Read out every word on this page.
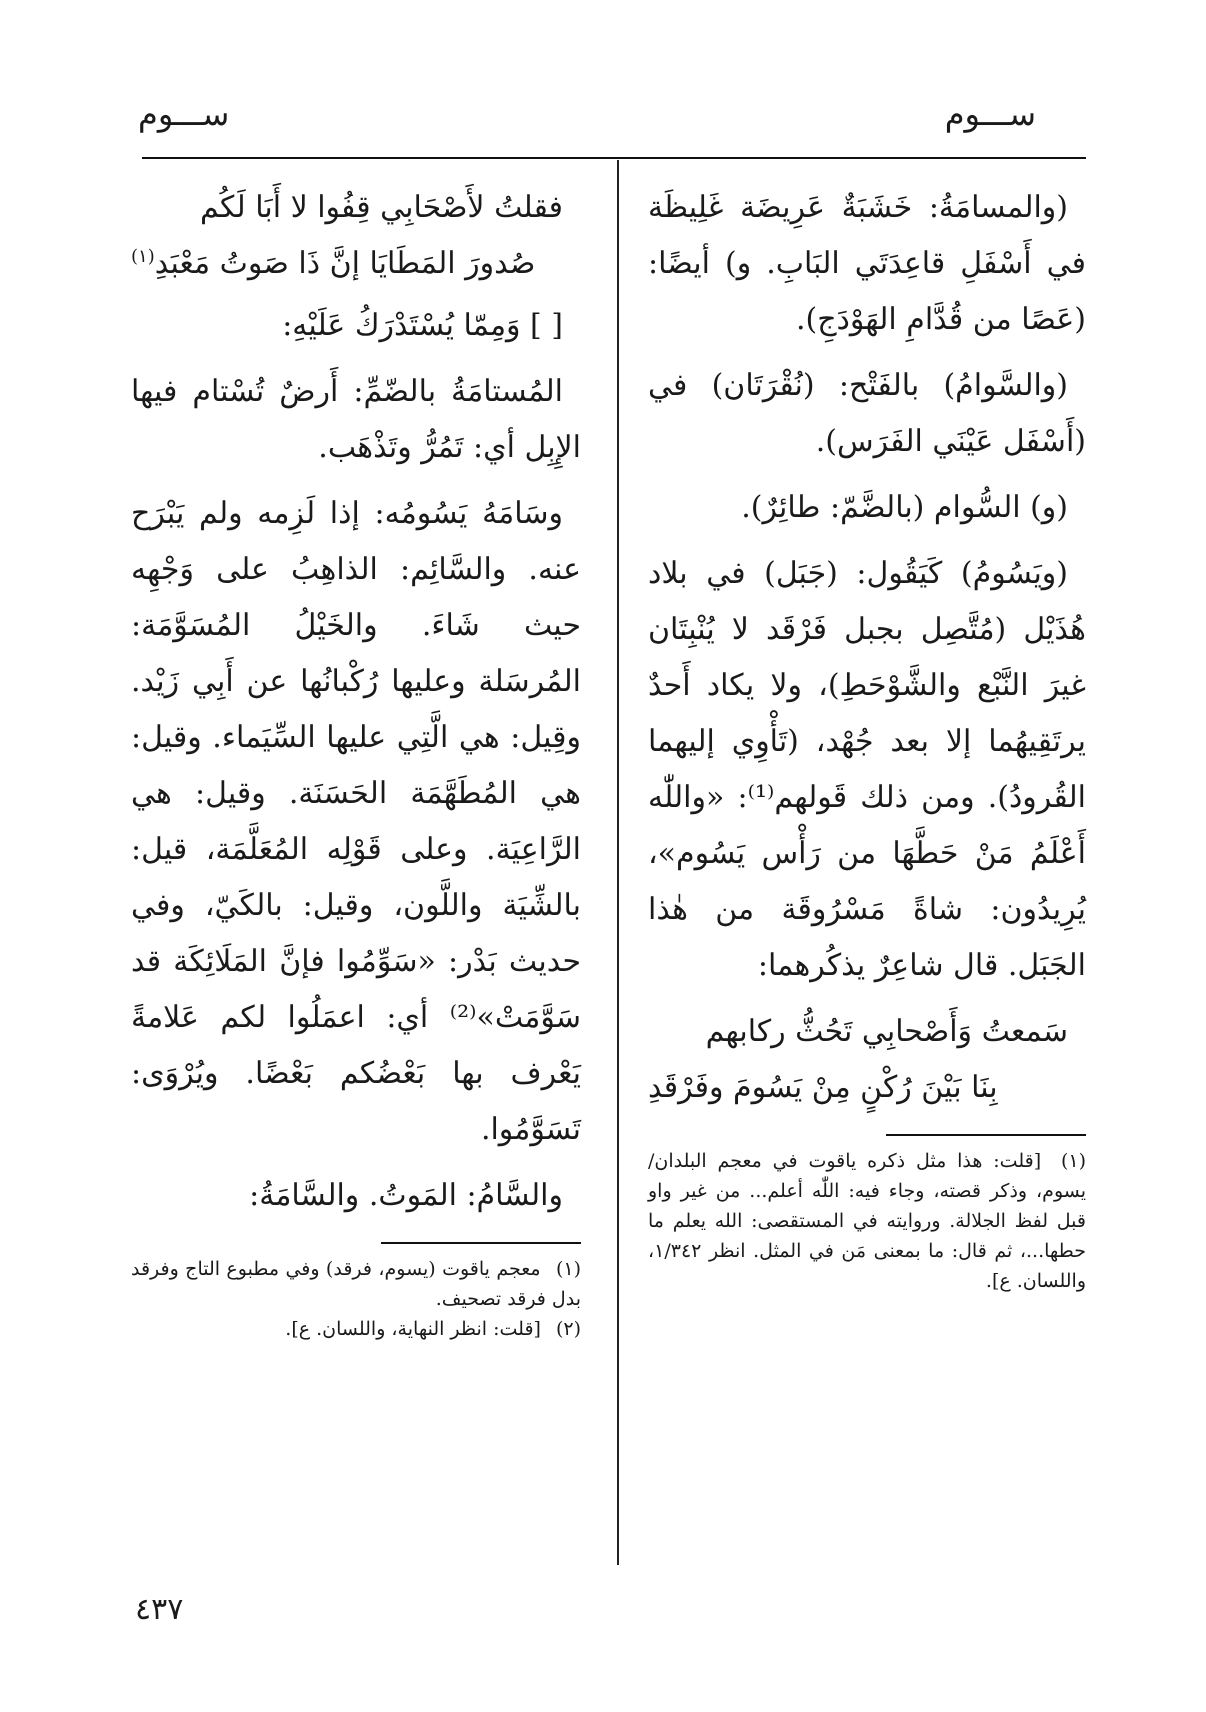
ســـوم
ســـوم

(والمسامَةُ: خَشَبَةٌ عَرِيضَة غَلِيظَة في أَسْفَلِ قاعِدَتَي البَابِ. و) أيضًا: (عَصًا من قُدَّامِ الهَوْدَجِ).

(والسَّوامُ) بالفَتْح: (نُقْرَتَان) في (أَسْفَل عَيْنَي الفَرَس).

(و) السُّوام (بالضَّمّ: طائِرٌ).

(ويَسُومُ) كَيَقُول: (جَبَل) في بلاد هُذَيْل (مُتَّصِل بجبل فَرْقَد لا يُنْبِتَان غيرَ النَّبْع والشَّوْحَطِ)، ولا يكاد أَحدٌ يرتَقِيهُما إلا بعد جُهْد، (تَأْوِي إليهما القُرودُ). ومن ذلك قَولهم⁽¹⁾: «واللّٰه أَعْلَمُ مَنْ حَطَّهَا من رَأْس يَسُوم»، يُرِيدُون: شاةً مَسْرُوقَة من هٰذا الجَبَل. قال شاعِرٌ يذكُرهما:

سَمعتُ وَأَصْحابِي تَحُثُّ ركابهم
بِنَا بَيْنَ رُكْنٍ مِنْ يَسُومَ وفَرْقَدِ

(١) [قلت: هذا مثل ذكره ياقوت في معجم البلدان/يسوم، وذكر قصته، وجاء فيه: اللّٰه أعلم... من غير واو قبل لفظ الجلالة. وروايته في المستقصى: الله يعلم ما حطها...، ثم قال: ما بمعنى مَن في المثل. انظر ١/٣٤٢، واللسان. ع].

فقلتُ لأَصْحَابِي قِفُوا لا أَبَا لَكُم
صُدورَ المَطَايَا إنَّ ذَا صَوتُ مَعْبَدِ$^{(١)}$

[ ] وَمِمّا يُسْتَدْرَكُ عَلَيْهِ:

المُستامَةُ بالضّمِّ: أَرضٌ تُسْتام فيها الإِبِل أي: تَمُرُّ وتَذْهَب.

وسَامَهُ يَسُومُه: إذا لَزِمه ولم يَبْرَح عنه. والسَّائِم: الذاهِبُ على وَجْهِه حيث شَاءَ. والخَيْلُ المُسَوَّمَة: المُرسَلة وعليها رُكْبانُها عن أَبِي زَيْد. وقِيل: هي الَّتِي عليها السِّيَماء. وقيل: هي المُطَهَّمَة الحَسَنَة. وقيل: هي الرَّاعِيَة. وعلى قَوْلِه المُعَلَّمَة، قيل: بالشِّيَة واللَّون، وقيل: بالكَيّ، وفي حديث بَدْر: «سَوِّمُوا فإنَّ المَلَائِكَة قد سَوَّمَتْ»⁽²⁾ أي: اعمَلُوا لكم عَلامةً يَعْرف بها بَعْضُكم بَعْضًا. ويُرْوَى: تَسَوَّمُوا.

والسَّامُ: المَوتُ. والسَّامَةُ:

(١) معجم ياقوت (يسوم، فرقد) وفي مطبوع التاج وفرقد بدل فرقد تصحيف.

(٢) [قلت: انظر النهاية، واللسان. ع].

٤٣٧
